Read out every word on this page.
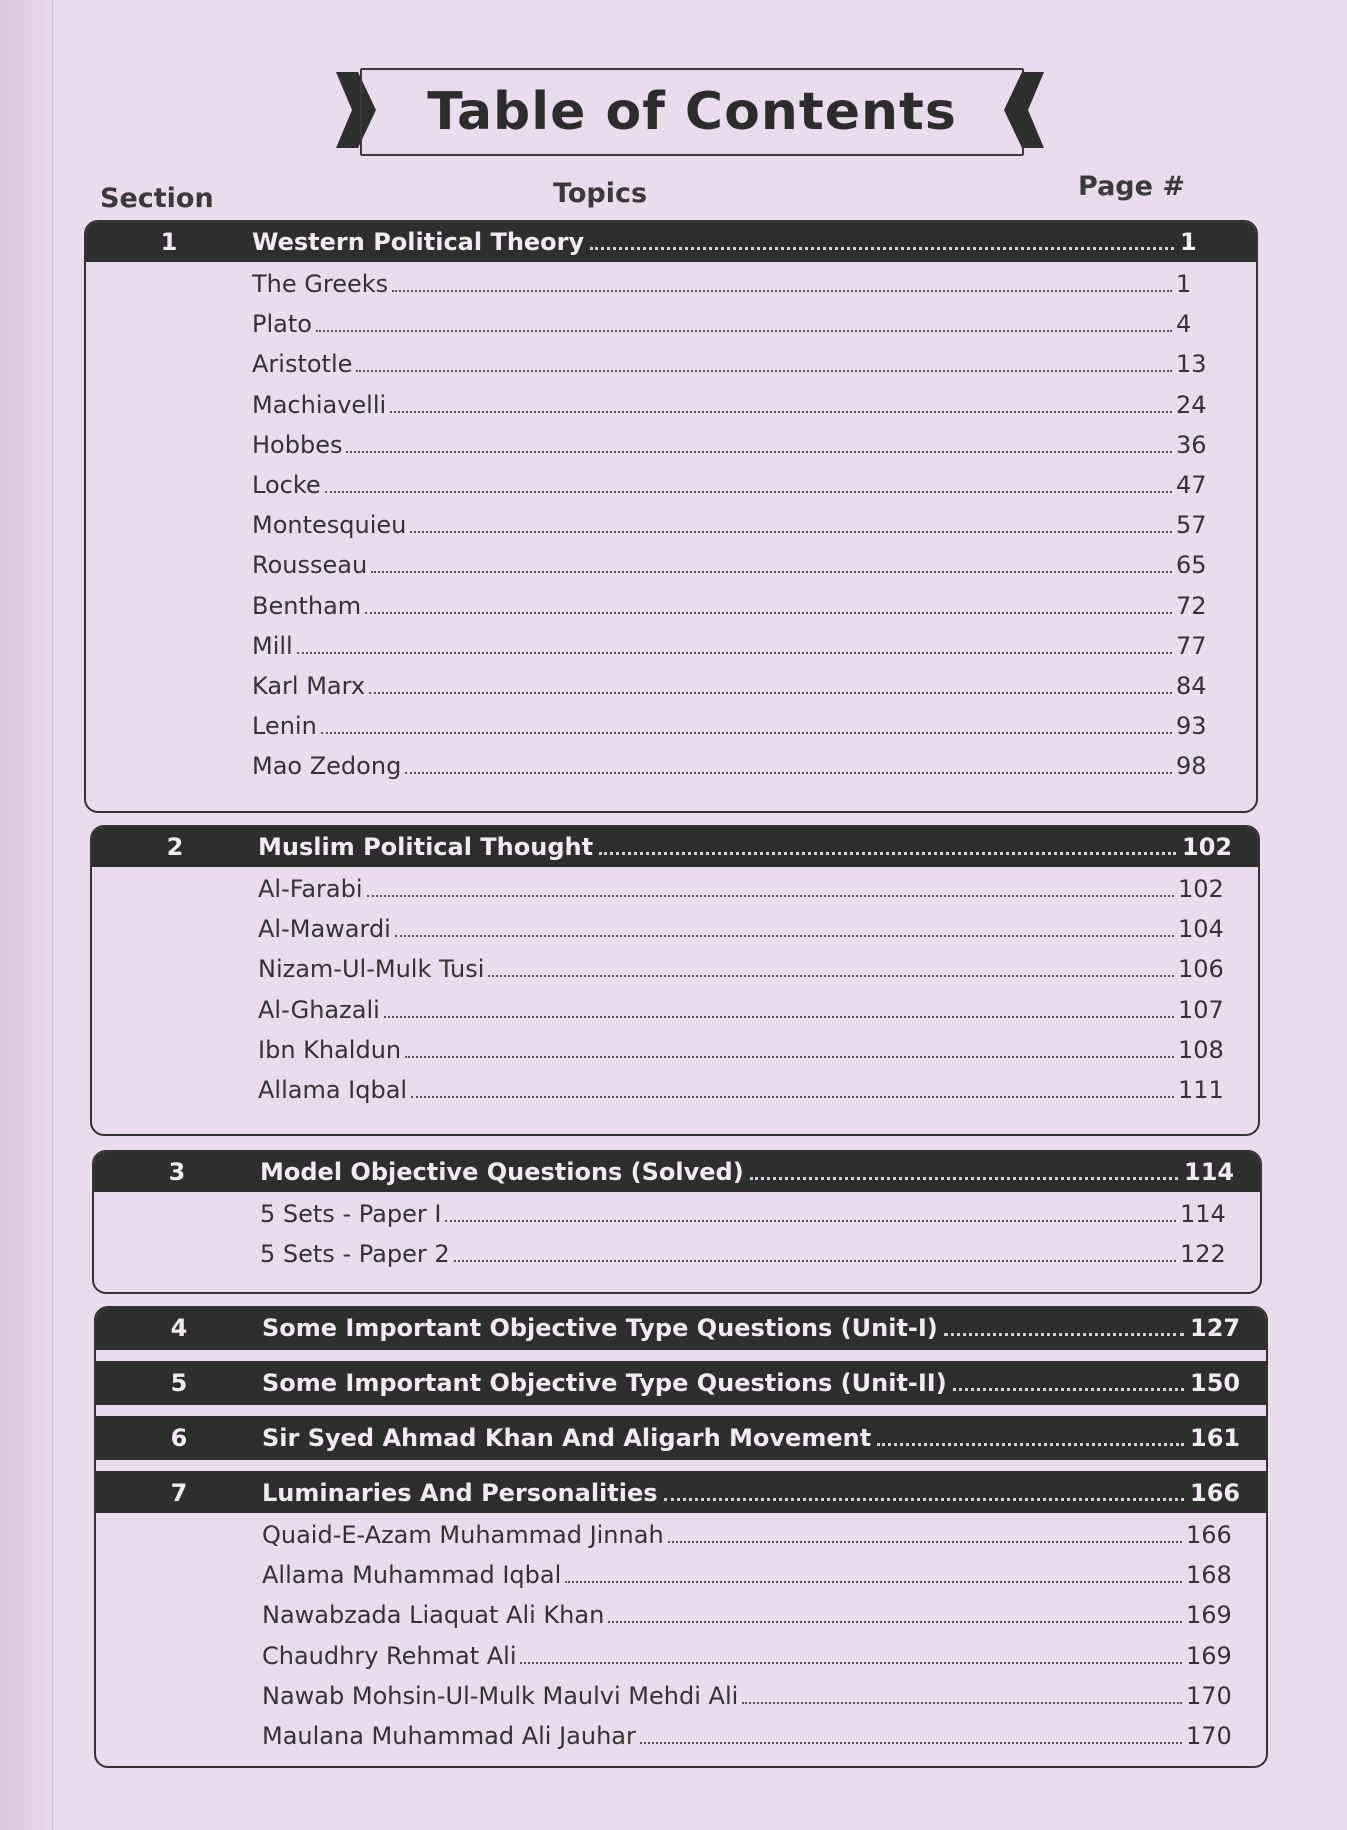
Table of Contents
Section	Topics	Page #
1	Western Political Theory	1
The Greeks	1
Plato	4
Aristotle	13
Machiavelli	24
Hobbes	36
Locke	47
Montesquieu	57
Rousseau	65
Bentham	72
Mill	77
Karl Marx	84
Lenin	93
Mao Zedong	98
2	Muslim Political Thought	102
Al-Farabi	102
Al-Mawardi	104
Nizam-Ul-Mulk Tusi	106
Al-Ghazali	107
Ibn Khaldun	108
Allama Iqbal	111
3	Model Objective Questions (Solved)	114
5 Sets - Paper I	114
5 Sets - Paper 2	122
4	Some Important Objective Type Questions (Unit-I)	127
5	Some Important Objective Type Questions (Unit-II)	150
6	Sir Syed Ahmad Khan And Aligarh Movement	161
7	Luminaries And Personalities	166
Quaid-E-Azam Muhammad Jinnah	166
Allama Muhammad Iqbal	168
Nawabzada Liaquat Ali Khan	169
Chaudhry Rehmat Ali	169
Nawab Mohsin-Ul-Mulk Maulvi Mehdi Ali	170
Maulana Muhammad Ali Jauhar	170
